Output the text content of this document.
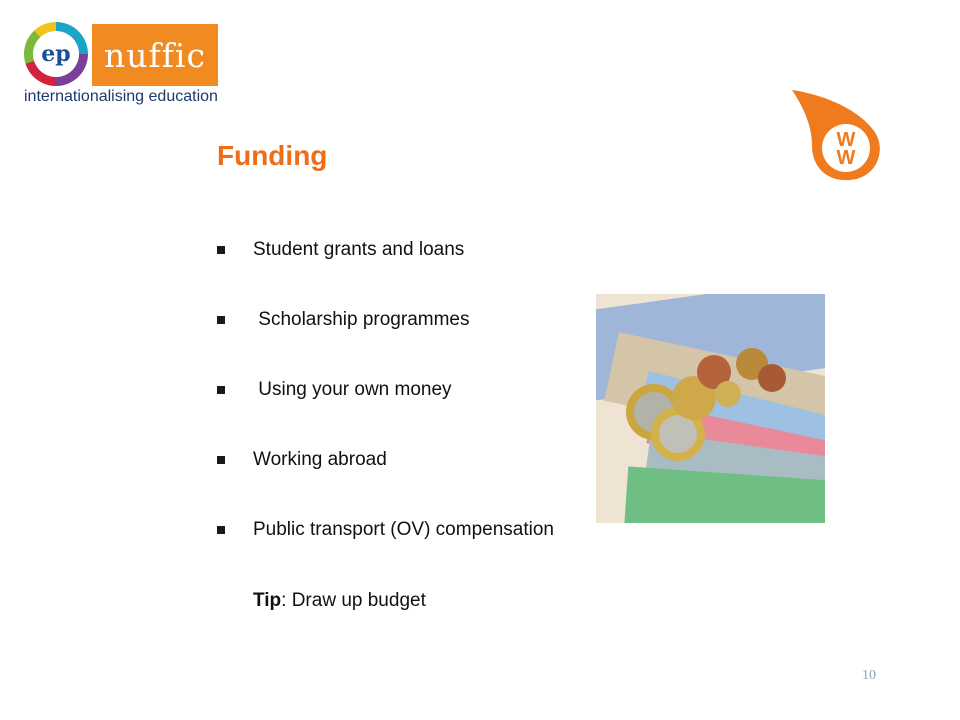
ep	nuffic
internationalising education
W
W
Funding
Student grants and loans
Scholarship programmes
Using your own money
Working abroad
Public transport (OV) compensation
Tip: Draw up budget
10
